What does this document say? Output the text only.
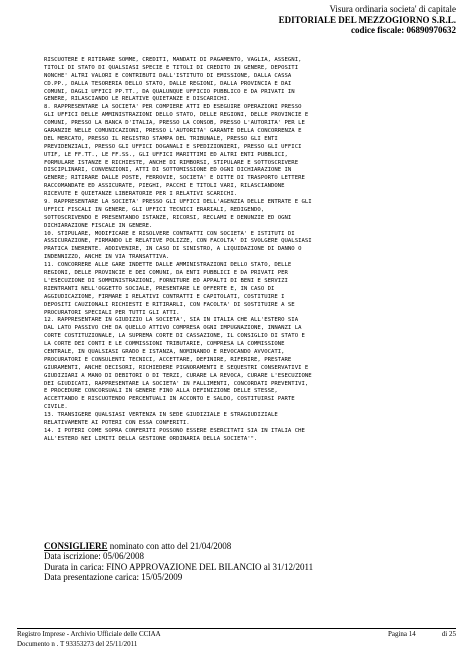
Visura ordinaria societa' di capitale
EDITORIALE DEL MEZZOGIORNO S.R.L.
codice fiscale: 06890970632
RISCUOTERE E RITIRARE SOMME, CREDITI, MANDATI DI PAGAMENTO, VAGLIA, ASSEGNI,
TITOLI DI STATO DI QUALSIASI SPECIE E TITOLI DI CREDITO IN GENERE, DEPOSITI
NONCHE' ALTRI VALORI E CONTRIBUTI DALL'ISTITUTO DI EMISSIONE, DALLA CASSA
CD.PP., DALLA TESORERIA DELLO STATO, DALLE REGIONI, DALLA PROVINCIA E DAI
COMUNI, DAGLI UFFICI PP.TT., DA QUALUNQUE UFFICIO PUBBLICO E DA PRIVATI IN
GENERE, RILASCIANDO LE RELATIVE QUIETANZE E DISCARICHI.
8. RAPPRESENTARE LA SOCIETA' PER COMPIERE ATTI ED ESEGUIRE OPERAZIONI PRESSO
GLI UFFICI DELLE AMMINISTRAZIONI DELLO STATO, DELLE REGIONI, DELLE PROVINCIE E
COMUNI, PRESSO LA BANCA D'ITALIA, PRESSO LA CONSOB, PRESSO L'AUTORITA' PER LE
GARANZIE NELLE COMUNICAZIONI, PRESSO L'AUTORITA' GARANTE DELLA CONCORRENZA E
DEL MERCATO, PRESSO IL REGISTRO STAMPA DEL TRIBUNALE, PRESSO GLI ENTI
PREVIDENZIALI, PRESSO GLI UFFICI DOGANALI E SPEDIZIONIERI, PRESSO GLI UFFICI
UTIF, LE FF.TT., LE FF.SS., GLI UFFICI MARITTIMI ED ALTRI ENTI PUBBLICI,
FORMULARE ISTANZE E RICHIESTE, ANCHE DI RIMBORSI, STIPULARE E SOTTOSCRIVERE
DISCIPLINARI, CONVENZIONI, ATTI DI SOTTOMISSIONE ED OGNI DICHIARAZIONE IN
GENERE; RITIRARE DALLE POSTE, FERROVIE, SOCIETA' E DITTE DI TRASPORTO LETTERE
RACCOMANDATE ED ASSICURATE, PIEGHI, PACCHI E TITOLI VARI, RILASCIANDONE
RICEVUTE E QUIETANZE LIBERATORIE PER I RELATIVI SCARICHI.
9. RAPPRESENTARE LA SOCIETA' PRESSO GLI UFFICI DELL'AGENZIA DELLE ENTRATE E GLI
UFFICI FISCALI IN GENERE, GLI UFFICI TECNICI ERARIALI, REDIGENDO,
SOTTOSCRIVENDO E PRESENTANDO ISTANZE, RICORSI, RECLAMI E DENUNZIE ED OGNI
DICHIARAZIONE FISCALE IN GENERE.
10. STIPULARE, MODIFICARE E RISOLVERE CONTRATTI CON SOCIETA' E ISTITUTI DI
ASSICURAZIONE, FIRMANDO LE RELATIVE POLIZZE, CON FACOLTA' DI SVOLGERE QUALSIASI
PRATICA INERENTE. ADDIVENIRE, IN CASO DI SINISTRO, A LIQUIDAZIONE DI DANNO O
INDENNIZZO, ANCHE IN VIA TRANSATTIVA.
11. CONCORRERE ALLE GARE INDETTE DALLE AMMINISTRAZIONI DELLO STATO, DELLE
REGIONI, DELLE PROVINCIE E DEI COMUNI, DA ENTI PUBBLICI E DA PRIVATI PER
L'ESECUZIONE DI SOMMINISTRAZIONI, FORNITURE ED APPALTI DI BENI E SERVIZI
RIENTRANTI NELL'OGGETTO SOCIALE, PRESENTARE LE OFFERTE E, IN CASO DI
AGGIUDICAZIONE, FIRMARE I RELATIVI CONTRATTI E CAPITOLATI, COSTITUIRE I
DEPOSITI CAUZIONALI RICHIESTI E RITIRARLI, CON FACOLTA' DI SOSTITUIRE A SE
PROCURATORI SPECIALI PER TUTTI GLI ATTI.
12. RAPPRESENTARE IN GIUDIZIO LA SOCIETA', SIA IN ITALIA CHE ALL'ESTERO SIA
DAL LATO PASSIVO CHE DA QUELLO ATTIVO COMPRESA OGNI IMPUGNAZIONE, INNANZI LA
CORTE COSTITUZIONALE, LA SUPREMA CORTE DI CASSAZIONE, IL CONSIGLIO DI STATO E
LA CORTE DEI CONTI E LE COMMISSIONI TRIBUTARIE, COMPRESA LA COMMISSIONE
CENTRALE, IN QUALSIASI GRADO E ISTANZA, NOMINANDO E REVOCANDO AVVOCATI,
PROCURATORI E CONSULENTI TECNICI, ACCETTARE, DEFINIRE, RIFERIRE, PRESTARE
GIURAMENTI, ANCHE DECISORI, RICHIEDERE PIGNORAMENTI E SEQUESTRI CONSERVATIVI E
GIUDIZIARI A MANO DI DEBITORI O DI TERZI, CURARE LA REVOCA, CURARE L'ESECUZIONE
DEI GIUDICATI, RAPPRESENTARE LA SOCIETA' IN FALLIMENTI, CONCORDATI PREVENTIVI,
E PROCEDURE CONCORSUALI IN GENERE FINO ALLA DEFINIZIONE DELLE STESSE,
ACCETTANDO E RISCUOTENDO PERCENTUALI IN ACCONTO E SALDO, COSTITUIRSI PARTE
CIVILE.
13. TRANSIGERE QUALSIASI VERTENZA IN SEDE GIUDIZIALE E STRAGIUDIZIALE
RELATIVAMENTE AI POTERI CON ESSA CONFERITI.
14. I POTERI COME SOPRA CONFERITI POSSONO ESSERE ESERCITATI SIA IN ITALIA CHE
ALL'ESTERO NEI LIMITI DELLA GESTIONE ORDINARIA DELLA SOCIETA'".
CONSIGLIERE nominato con atto del 21/04/2008
Data iscrizione: 05/06/2008
Durata in carica: FINO APPROVAZIONE DEL BILANCIO al 31/12/2011
Data presentazione carica: 15/05/2009
Registro Imprese - Archivio Ufficiale delle CCIAA
Documento n . T 93353273 del 25/11/2011
Pagina 14	di 25
